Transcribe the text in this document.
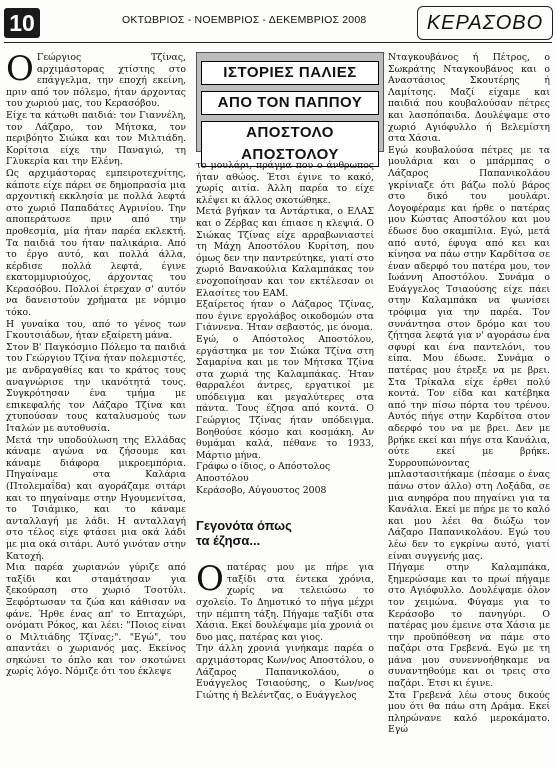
10	ΟΚΤΩΒΡΙΟΣ - ΝΟΕΜΒΡΙΟΣ - ΔΕΚΕΜΒΡΙΟΣ 2008	ΚΕΡΑΣΟΒΟ
ΙΣΤΟΡΙΕΣ ΠΑΛΙΕΣ
ΑΠΟ ΤΟΝ ΠΑΠΠΟΥ
ΑΠΟΣΤΟΛΟ ΑΠΟΣΤΟΛΟΥ

Ο Γεώργιος Τζίνας, αρχιμάστορας χτίστης στο επάγγελμα, την εποχή εκείνη, πριν από τον πόλεμο, ήταν άρχοντας του χωριού μας, του Κερασόβου.

Είχε τα κάτωθι παιδιά: τον Γιαννέλη, τον Λάζαρο, τον Μήτσκα, τον περιβόητο Σιώκα και τον Μιλτιάδη. Κορίτσια είχε την Παναγιώ, τη Γλυκερία και την Ελένη.

Ως αρχιμάστορας εμπειροτεχνίτης, κάποτε είχε πάρει σε δημοπρασία μια αρχοντική εκκλησία με πολλά λεφτά στο χωριό Παπαδάτες Αγρινίου. Την αποπεράτωσε πριν από την προθεσμία, μία ήταν παρέα εκλεκτή. Τα παιδιά του ήταν παλικάρια. Από το έργο αυτό, και πολλά άλλα, κέρδισε πολλά λεφτά, έγινε εκατομμυριούχος, άρχοντας του Κερασόβου. Πολλοί έτρεχαν σ' αυτόν να δανειστούν χρήματα με νόμιμο τόκο.

Η γυναίκα του, από το γένος των Γκουτσιάδων, ήταν εξαίρετη μάνα.

Στον Β' Παγκόσμιο Πόλεμο τα παιδιά του Γεώργιου Τζίνα ήταν πολεμιστές, με ανδραγαθίες και το κράτος τους αναγνώρισε την ικανότητά τους. Συγκρότησαν ένα τμήμα με επικεφαλής τον Λάζαρο Τζίνα και χτυπούσαν τους καταλυσμούς των Ιταλών με αυτοθυσία.

Μετά την υποδούλωση της Ελλάδας κάναμε αγώνα να ζήσουμε και κάναμε διάφορα μικροεμπόρια. Πηγαίναμε στα Καλάρια (Πτολεμαΐδα) και αγοράζαμε σιτάρι και το πηγαίναμε στην Ηγουμενίτσα, το Τσιάμικο, και το κάναμε ανταλλαγή με λάδι. Η ανταλλαγή στο τέλος είχε φτάσει μια οκά λάδι με μια οκά σιτάρι. Αυτό γινόταν στην Κατοχή.

Μια παρέα χωριανών γύριζε από ταξίδι και σταμάτησαν για ξεκούραση στο χωριό Τσοτύλι. Ξεφόρτωσαν τα ζώα και κάθισαν να φάνε. Ήρθε ένας απ' το Επταχώρι, ονόματι Ρόκος, και λέει: "Ποιος είναι ο Μιλτιάδης Τζίνας;". "Εγώ", του απαντάει ο χωριανός μας. Εκείνος σηκώνει το όπλο και τον σκοτώνει χωρίς λόγο. Νόμιζε ότι του έκλεψε

το μουλάρι, πράγμα που ο άνθρωπος ήταν αθώος. Έτσι έγινε το κακό, χωρίς αιτία. Άλλη παρέα το είχε κλέψει κι άλλος σκοτώθηκε.

Μετά βγήκαν τα Αντάρτικα, ο ΕΛΑΣ και ο Ζέρβας και έπιασε η κλεψιά. Ο Σιώκας Τζίνας είχε αρραβωνιαστεί τη Μάχη Αποστόλου Κυρίτση, που όμως δεν την παντρεύτηκε, γιατί στο χωριό Βανακούλια Καλαμπάκας τον ενοχοποίησαν και τον εκτέλεσαν οι Ελασίτες του ΕΑΜ.

Εξαίρετος ήταν ο Λάζαρος Τζίνας, που έγινε εργολάβος οικοδομών στα Γιάννενα. Ήταν σεβαστός, με όνομα.

Εγώ, ο Απόστολος Αποστόλου, εργάστηκα με τον Σιώκα Τζίνα στη Σαμαρίνα και με τον Μήτσκα Τζίνα στα χωριά της Καλαμπάκας. Ήταν θαρραλέοι άντρες, εργατικοί με υπόδειγμα και μεγαλύτερες στα πάντα. Τους έζησα από κοντά. Ο Γεώργιος Τζίνας ήταν υπόδειγμα. Βοηθούσε κόσμο και κοσμάκη. Αν θυμάμαι καλά, πέθανε το 1933, Μάρτιο μήνα.

Γράφω ο ίδιος, ο Απόστολος

Αποστόλου

Κεράσοβο, Αύγουστος 2008

Γεγονότα όπως
τα έζησα...

Οπατέρας μου με πήρε για ταξίδι στα έντεκα χρόνια, χωρίς να τελειώσω το σχολείο. Το Δημοτικό το πήγα μέχρι την πέμπτη τάξη. Πήγαμε ταξίδι στα Χάσια. Εκεί δουλέψαμε μία χρονιά οι δυο μας, πατέρας και γιος.

Την άλλη χρονιά γινήκαμε παρέα ο αρχιμάστορας Κων/νος Αποστόλου, ο Λάζαρος Παπανικολάου, ο Ευάγγελος Τσιαούσης, ο Κων/νος Γιώτης ή Βελέντζας, ο Ευάγγελος

Νταγκουβάνος ή Πέτρος, ο Σωκράτης Νταγκουβάνος και ο Αναστάσιος Σκουτέρης ή Λαμίτσης. Μαζί είχαμε και παιδιά που κουβαλούσαν πέτρες και λασπόπαιδα. Δουλέψαμε στο χωριό Αγιόφυλλο ή Βελεμίστη στα Χάσια.

Εγώ κουβαλούσα πέτρες με τα μουλάρια και ο μπάρμπας ο Λάζαρος Παπανικολάου γκρίνιαζε ότι βάζω πολύ βάρος στο δικό του μουλάρι. Λογοφέραμε και ήρθε ο πατέρας μου Κώστας Αποστόλου και μου έδωσε δυο σκαμπίλια. Εγώ, μετά από αυτό, έφυγα από κει και κίνησα να πάω στην Καρδίτσα σε έναν αδερφό του πατέρα μου, τον Ιωάννη Αποστόλου. Συνάμα ο Ευάγγελος Τσιαούσης είχε πάει στην Καλαμπάκα να ψωνίσει τρόφιμα για την παρέα. Τον συνάντησα στον δρόμο και του ζήτησα λεφτά για ν' αγοράσω ένα σφυρί και ένα παντελόνι, του είπα. Μου έδωσε. Συνάμα ο πατέρας μου έτρεξε να με βρει. Στα Τρίκαλα είχε έρθει πολύ κοντά. Τον είδα και κατέβηκα από την πίσω πόρτα του τρένου. Αυτός πήγε στην Καρδίτσα στον αδερφό του να με βρει. Δεν με βρήκε εκεί και πήγε στα Κανάλια, ούτε εκεί με βρήκε. Συρρουπώνοντας μπλαστασιτήκαμε (πέσαμε ο ένας πάνω στον άλλο) στη Λοξάδα, σε μια ανηφόρα που πηγαίνει για τα Κανάλια. Εκεί με πήρε με το καλό και μου λέει θα διώξω τον Λάζαρο Παπανικολάου. Εγώ του λέω δεν το εγκρίνω αυτό, γιατί είναι συγγενής μας.

Πήγαμε στην Καλαμπάκα, ξημερώσαμε και το πρωί πήγαμε στο Αγιόφυλλο. Δουλέψαμε όλον τον χειμώνα. Φύγαμε για το Κεράσοβο το πανηγύρι. Ο πατέρας μου έμεινε στα Χάσια με την προϋπόθεση να πάμε στο παζάρι στα Γρεβενά. Εγώ με τη μάνα μου συνεννοήθηκαμε να συναντηθούμε και οι τρεις στο παζάρι. Έτσι κι έγινε.

Στα Γρεβενά λέω στους δικούς μου ότι θα πάω στη Δράμα. Εκεί πληρώνανε καλό μεροκάματο. Εγώ
